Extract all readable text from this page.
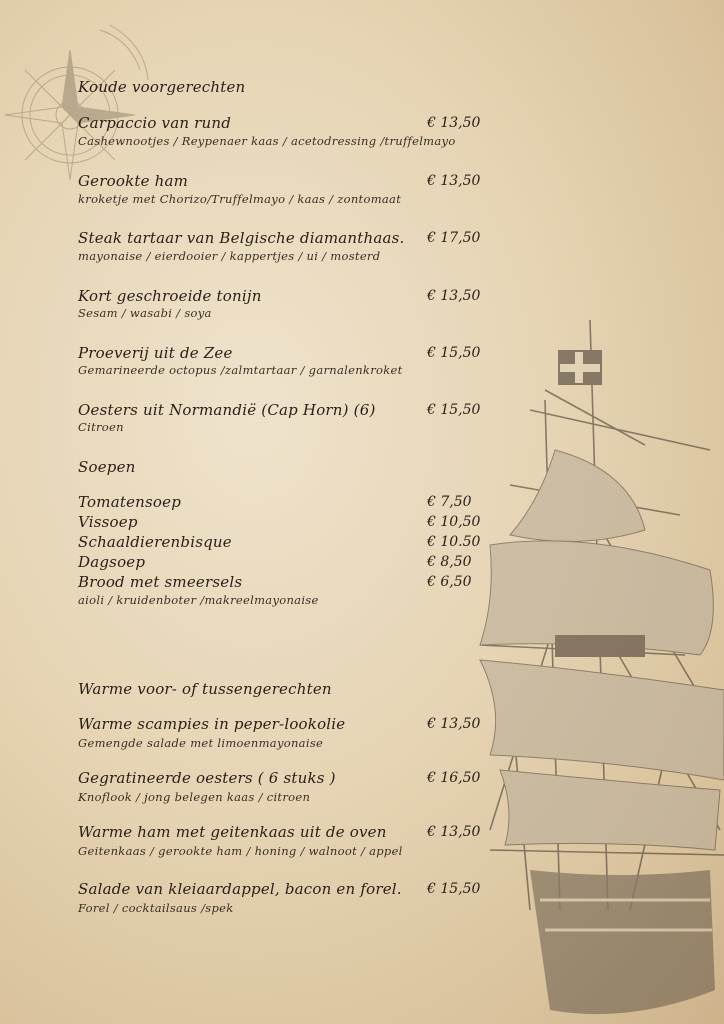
Koude voorgerechten
Carpaccio van rund	€ 13,50
Cashewnootjes / Reypenaer kaas / acetodressing /truffelmayo
Gerookte ham	€ 13,50
kroketje met Chorizo/Truffelmayo / kaas / zontomaat
Steak tartaar van Belgische diamanthaas. € 17,50
mayonaise / eierdooier / kappertjes / ui / mosterd
Kort geschroeide tonijn	€ 13,50
Sesam / wasabi / soya
Proeverij uit de Zee	€ 15,50
Gemarineerde octopus /zalmtartaar / garnalenkroket
Oesters uit Normandië (Cap Horn) (6)	€ 15,50
Citroen
Soepen
Tomatensoep	€ 7,50
Vissoep	€ 10,50
Schaaldierenbisque	€ 10.50
Dagsoep	€ 8,50
Brood met smeersels	€ 6,50
aioli / kruidenboter /makreelmayonaise
Warme voor- of tussengerechten
Warme scampies in peper-lookolie	€ 13,50
Gemengde salade met limoenmayonaise
Gegratineerde oesters ( 6 stuks )	€ 16,50
Knoflook / jong belegen kaas / citroen
Warme ham met geitenkaas uit de oven	€ 13,50
Geitenkaas / gerookte ham / honing / walnoot / appel
Salade van kleiaardappel, bacon en forel. € 15,50
Forel / cocktailsaus /spek
